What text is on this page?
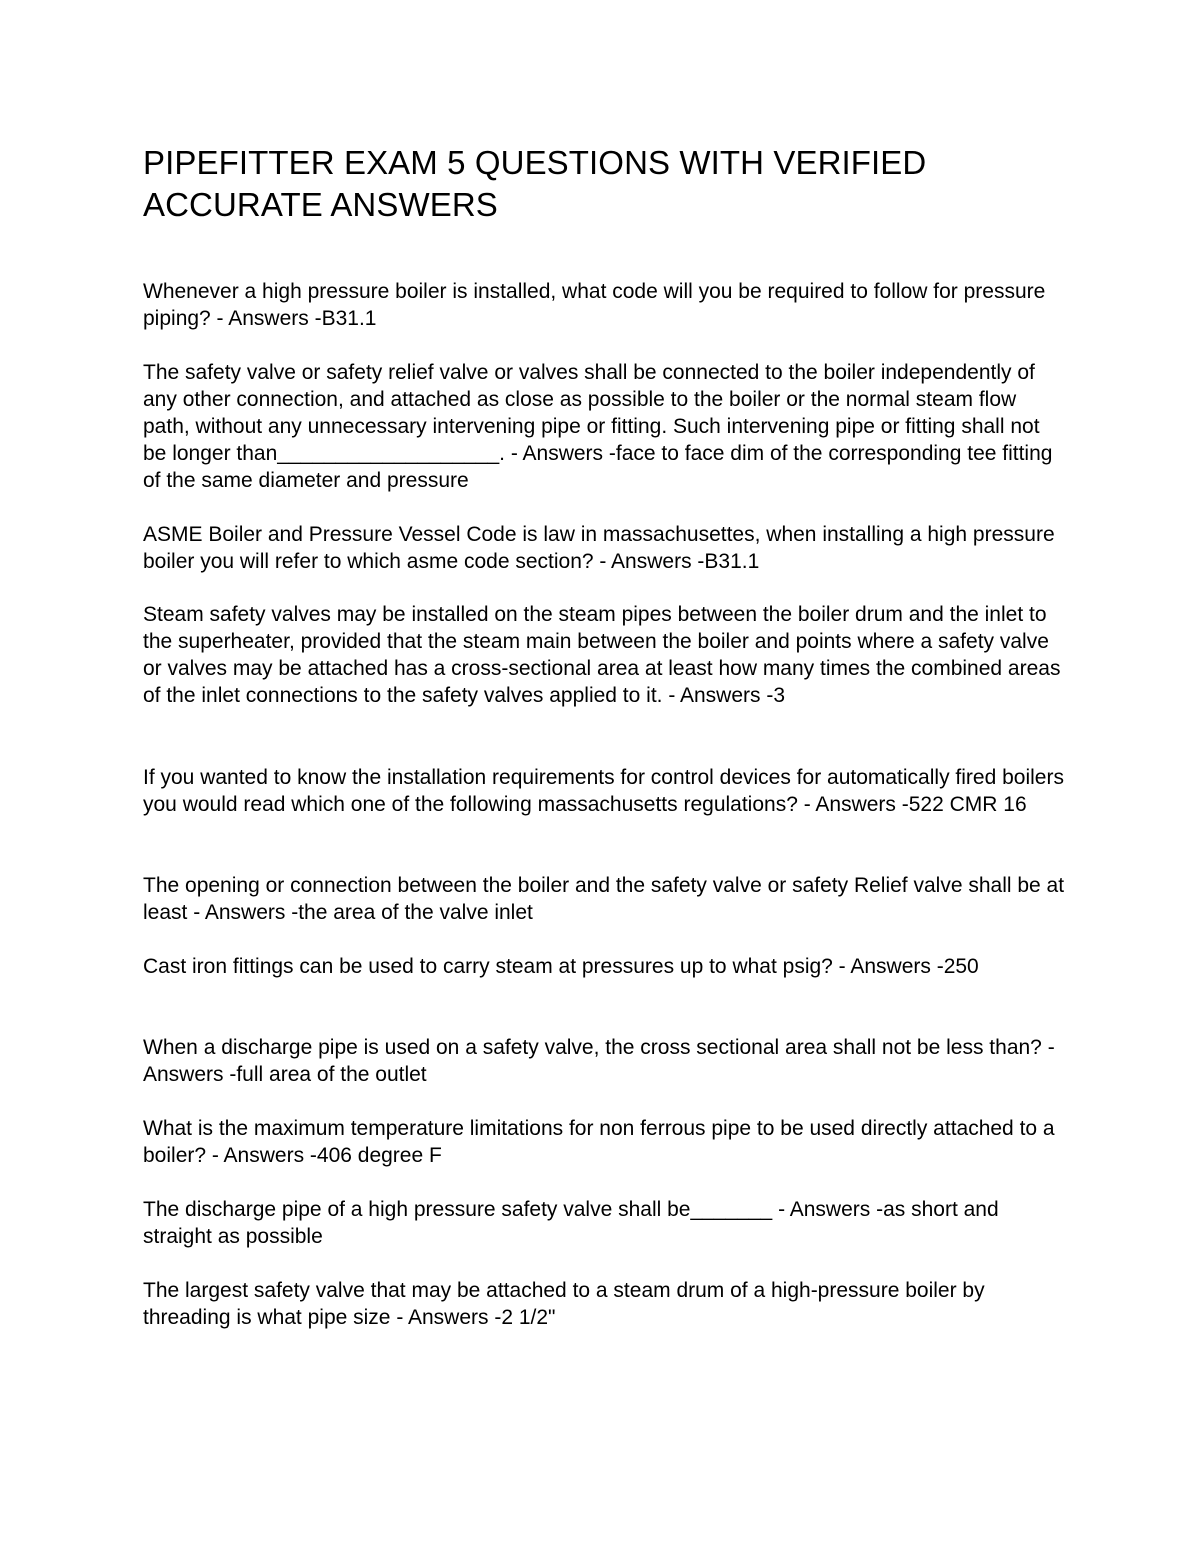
PIPEFITTER EXAM 5 QUESTIONS WITH VERIFIED ACCURATE ANSWERS

Whenever a high pressure boiler is installed, what code will you be required to follow for pressure piping? - Answers -B31.1

The safety valve or safety relief valve or valves shall be connected to the boiler independently of any other connection, and attached as close as possible to the boiler or the normal steam flow path, without any unnecessary intervening pipe or fitting. Such intervening pipe or fitting shall not be longer than___________________. - Answers -face to face dim of the corresponding tee fitting of the same diameter and pressure

ASME Boiler and Pressure Vessel Code is law in massachusettes, when installing a high pressure boiler you will refer to which asme code section? - Answers -B31.1

Steam safety valves may be installed on the steam pipes between the boiler drum and the inlet to the superheater, provided that the steam main between the boiler and points where a safety valve or valves may be attached has a cross-sectional area at least how many times the combined areas of the inlet connections to the safety valves applied to it. - Answers -3

If you wanted to know the installation requirements for control devices for automatically fired boilers you would read which one of the following massachusetts regulations? - Answers -522 CMR 16

The opening or connection between the boiler and the safety valve or safety Relief valve shall be at least - Answers -the area of the valve inlet

Cast iron fittings can be used to carry steam at pressures up to what psig? - Answers -250

When a discharge pipe is used on a safety valve, the cross sectional area shall not be less than? - Answers -full area of the outlet

What is the maximum temperature limitations for non ferrous pipe to be used directly attached to a boiler? - Answers -406 degree F

The discharge pipe of a high pressure safety valve shall be_______ - Answers -as short and straight as possible

The largest safety valve that may be attached to a steam drum of a high-pressure boiler by threading is what pipe size - Answers -2 1/2"
